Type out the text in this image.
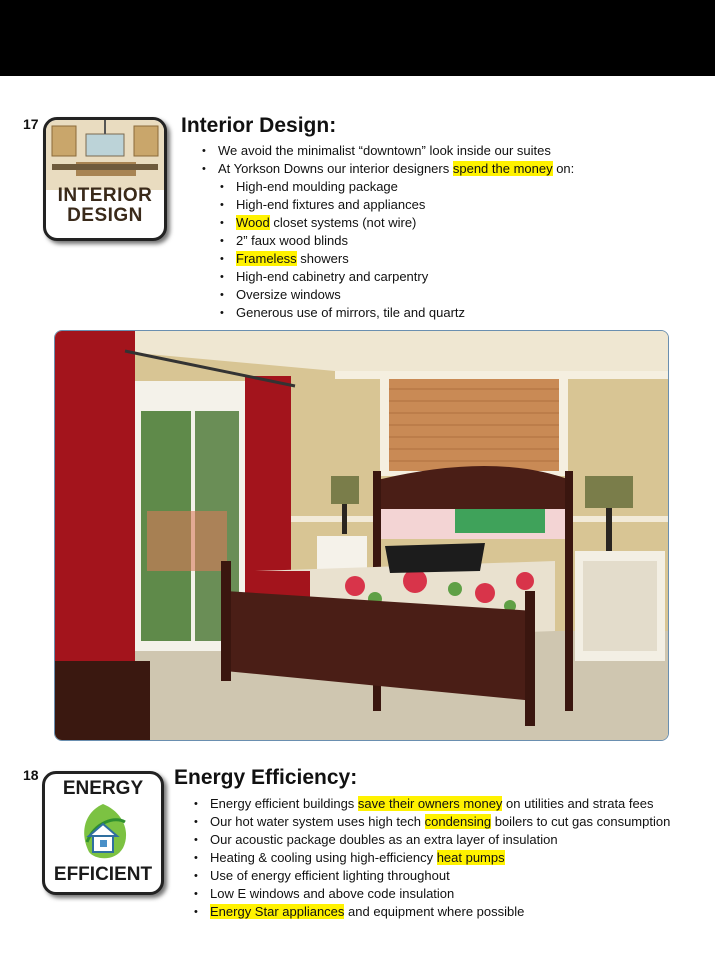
17
INTERIOR
DESIGN
Interior Design:
• We avoid the minimalist “downtown” look inside our suites
• At Yorkson Downs our interior designers spend the money on:
• High-end moulding package
• High-end fixtures and appliances
• Wood closet systems (not wire)
• 2” faux wood blinds
• Frameless showers
• High-end cabinetry and carpentry
• Oversize windows
• Generous use of mirrors, tile and quartz
18
ENERGY
EFFICIENT
Energy Efficiency:
• Energy efficient buildings save their owners money on utilities and strata fees
• Our hot water system uses high tech condensing boilers to cut gas consumption
• Our acoustic package doubles as an extra layer of insulation
• Heating & cooling using high-efficiency heat pumps
• Use of energy efficient lighting throughout
• Low E windows and above code insulation
• Energy Star appliances and equipment where possible
